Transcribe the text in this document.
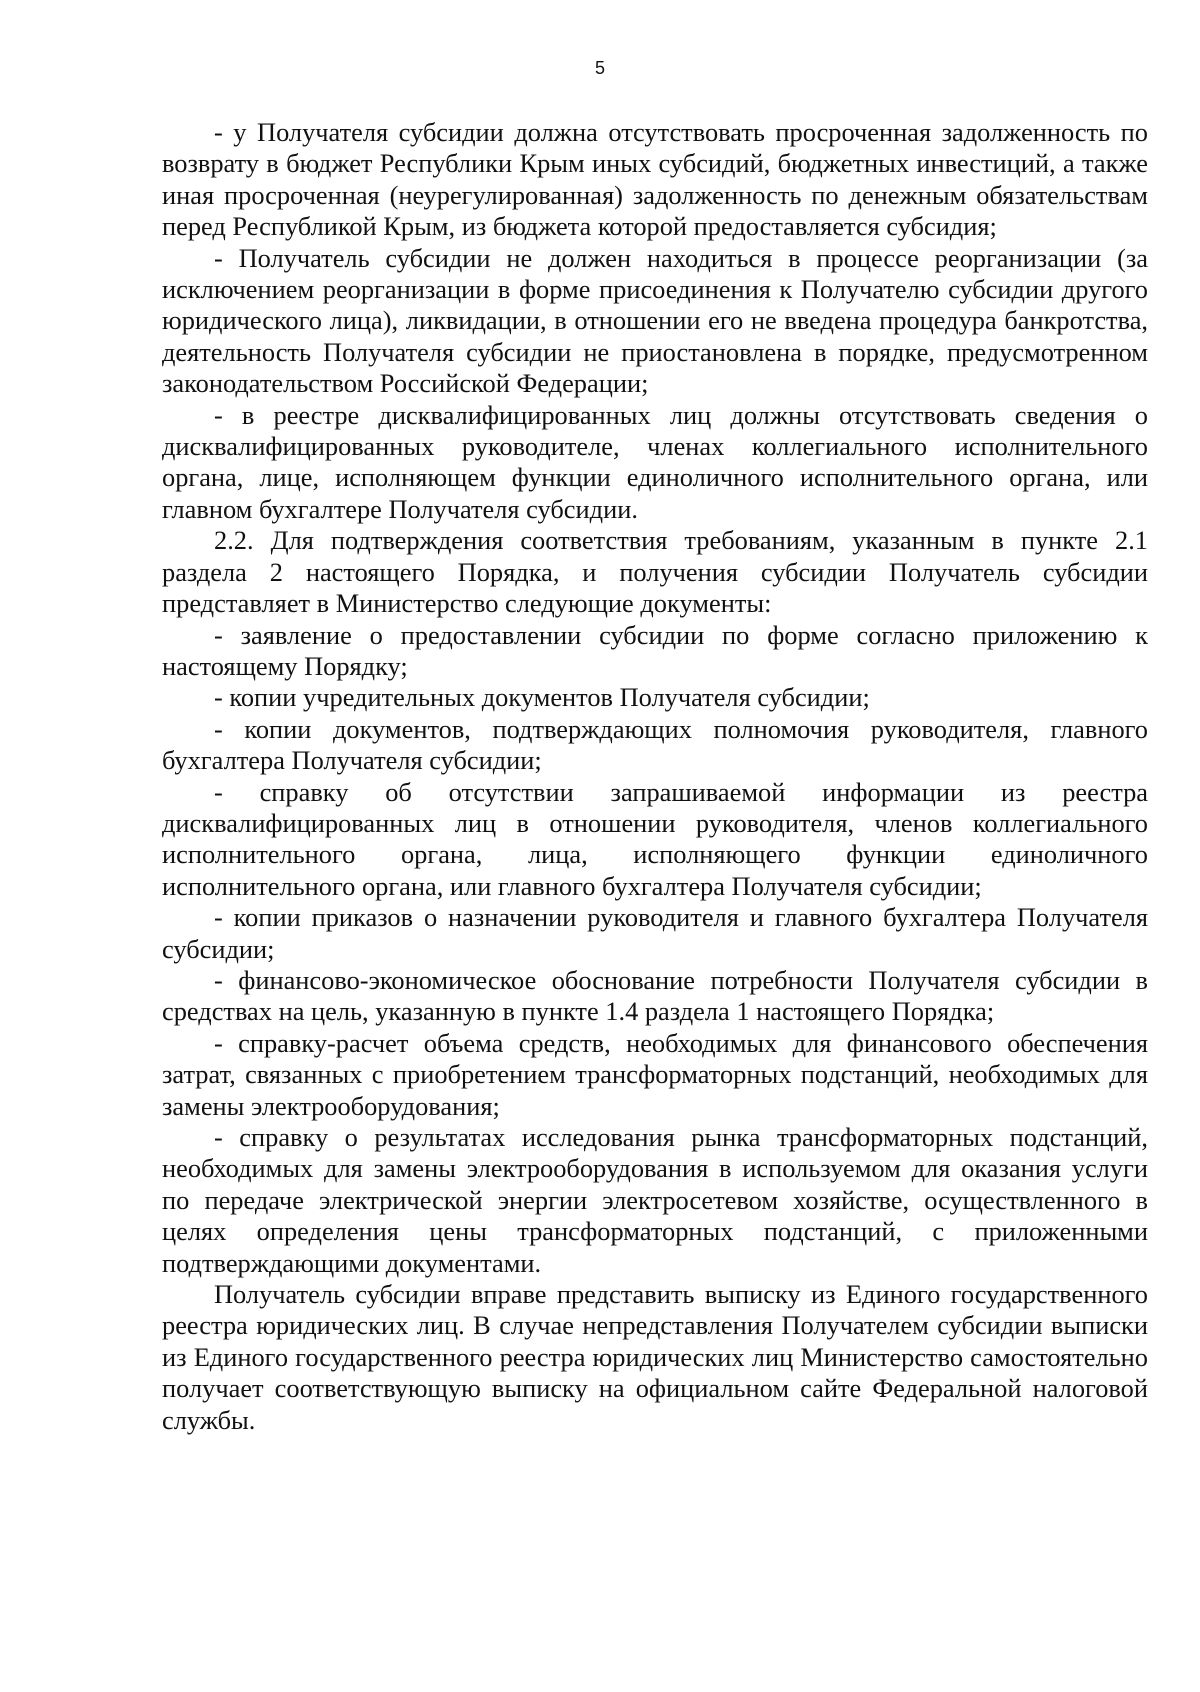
5

- у Получателя субсидии должна отсутствовать просроченная задолженность по возврату в бюджет Республики Крым иных субсидий, бюджетных инвестиций, а также иная просроченная (неурегулированная) задолженность по денежным обязательствам перед Республикой Крым, из бюджета которой предоставляется субсидия;

- Получатель субсидии не должен находиться в процессе реорганизации (за исключением реорганизации в форме присоединения к Получателю субсидии другого юридического лица), ликвидации, в отношении его не введена процедура банкротства, деятельность Получателя субсидии не приостановлена в порядке, предусмотренном законодательством Российской Федерации;

- в реестре дисквалифицированных лиц должны отсутствовать сведения о дисквалифицированных руководителе, членах коллегиального исполнительного органа, лице, исполняющем функции единоличного исполнительного органа, или главном бухгалтере Получателя субсидии.

2.2. Для подтверждения соответствия требованиям, указанным в пункте 2.1 раздела 2 настоящего Порядка, и получения субсидии Получатель субсидии представляет в Министерство следующие документы:

- заявление о предоставлении субсидии по форме согласно приложению к настоящему Порядку;

- копии учредительных документов Получателя субсидии;

- копии документов, подтверждающих полномочия руководителя, главного бухгалтера Получателя субсидии;

- справку об отсутствии запрашиваемой информации из реестра дисквалифицированных лиц в отношении руководителя, членов коллегиального исполнительного органа, лица, исполняющего функции единоличного исполнительного органа, или главного бухгалтера Получателя субсидии;

- копии приказов о назначении руководителя и главного бухгалтера Получателя субсидии;

- финансово-экономическое обоснование потребности Получателя субсидии в средствах на цель, указанную в пункте 1.4 раздела 1 настоящего Порядка;

- справку-расчет объема средств, необходимых для финансового обеспечения затрат, связанных с приобретением трансформаторных подстанций, необходимых для замены электрооборудования;

- справку о результатах исследования рынка трансформаторных подстанций, необходимых для замены электрооборудования в используемом для оказания услуги по передаче электрической энергии электросетевом хозяйстве, осуществленного в целях определения цены трансформаторных подстанций, с приложенными подтверждающими документами.

Получатель субсидии вправе представить выписку из Единого государственного реестра юридических лиц. В случае непредставления Получателем субсидии выписки из Единого государственного реестра юридических лиц Министерство самостоятельно получает соответствующую выписку на официальном сайте Федеральной налоговой службы.
